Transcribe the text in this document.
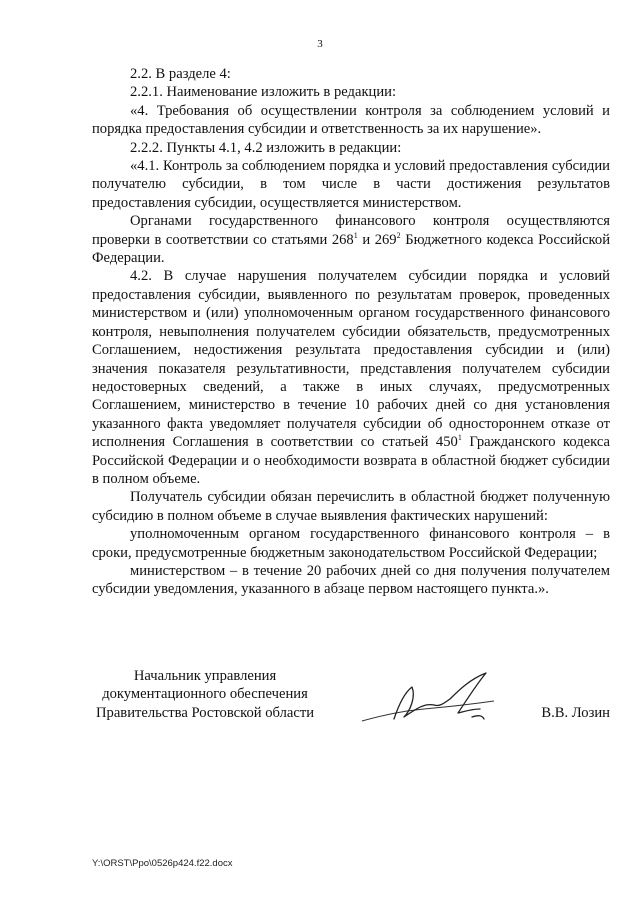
3

2.2. В разделе 4:

2.2.1. Наименование изложить в редакции:

«4. Требования об осуществлении контроля за соблюдением условий и порядка предоставления субсидии и ответственность за их нарушение».

2.2.2. Пункты 4.1, 4.2 изложить в редакции:

«4.1. Контроль за соблюдением порядка и условий предоставления субсидии получателю субсидии, в том числе в части достижения результатов предоставления субсидии, осуществляется министерством.

Органами государственного финансового контроля осуществляются проверки в соответствии со статьями $268^1$ и $269^2$ Бюджетного кодекса Российской Федерации.

4.2. В случае нарушения получателем субсидии порядка и условий предоставления субсидии, выявленного по результатам проверок, проведенных министерством и (или) уполномоченным органом государственного финансового контроля, невыполнения получателем субсидии обязательств, предусмотренных Соглашением, недостижения результата предоставления субсидии и (или) значения показателя результативности, представления получателем субсидии недостоверных сведений, а также в иных случаях, предусмотренных Соглашением, министерство в течение 10 рабочих дней со дня установления указанного факта уведомляет получателя субсидии об одностороннем отказе от исполнения Соглашения в соответствии со статьей $450^1$ Гражданского кодекса Российской Федерации и о необходимости возврата в областной бюджет субсидии в полном объеме.

Получатель субсидии обязан перечислить в областной бюджет полученную субсидию в полном объеме в случае выявления фактических нарушений:

уполномоченным органом государственного финансового контроля – в сроки, предусмотренные бюджетным законодательством Российской Федерации;

министерством – в течение 20 рабочих дней со дня получения получателем субсидии уведомления, указанного в абзаце первом настоящего пункта.».

Начальник управления
документационного обеспечения
Правительства Ростовской области	В.В. Лозин
Y:\ORST\Ppo\0526p424.f22.docx
